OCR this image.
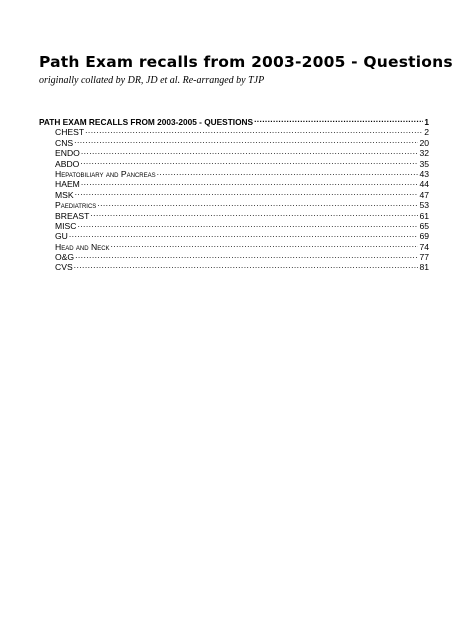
Path Exam recalls from 2003-2005 - Questions
originally collated by DR, JD et al. Re-arranged by TJP
PATH EXAM RECALLS FROM 2003-2005 - QUESTIONS .....	1
CHEST .....	2
CNS .....	20
ENDO .....	32
ABDO .....	35
Hepatobiliary and Pancreas .....	43
HAEM .....	44
MSK .....	47
Paediatrics .....	53
BREAST .....	61
MISC .....	65
GU .....	69
Head and Neck .....	74
O&G .....	77
CVS .....	81
